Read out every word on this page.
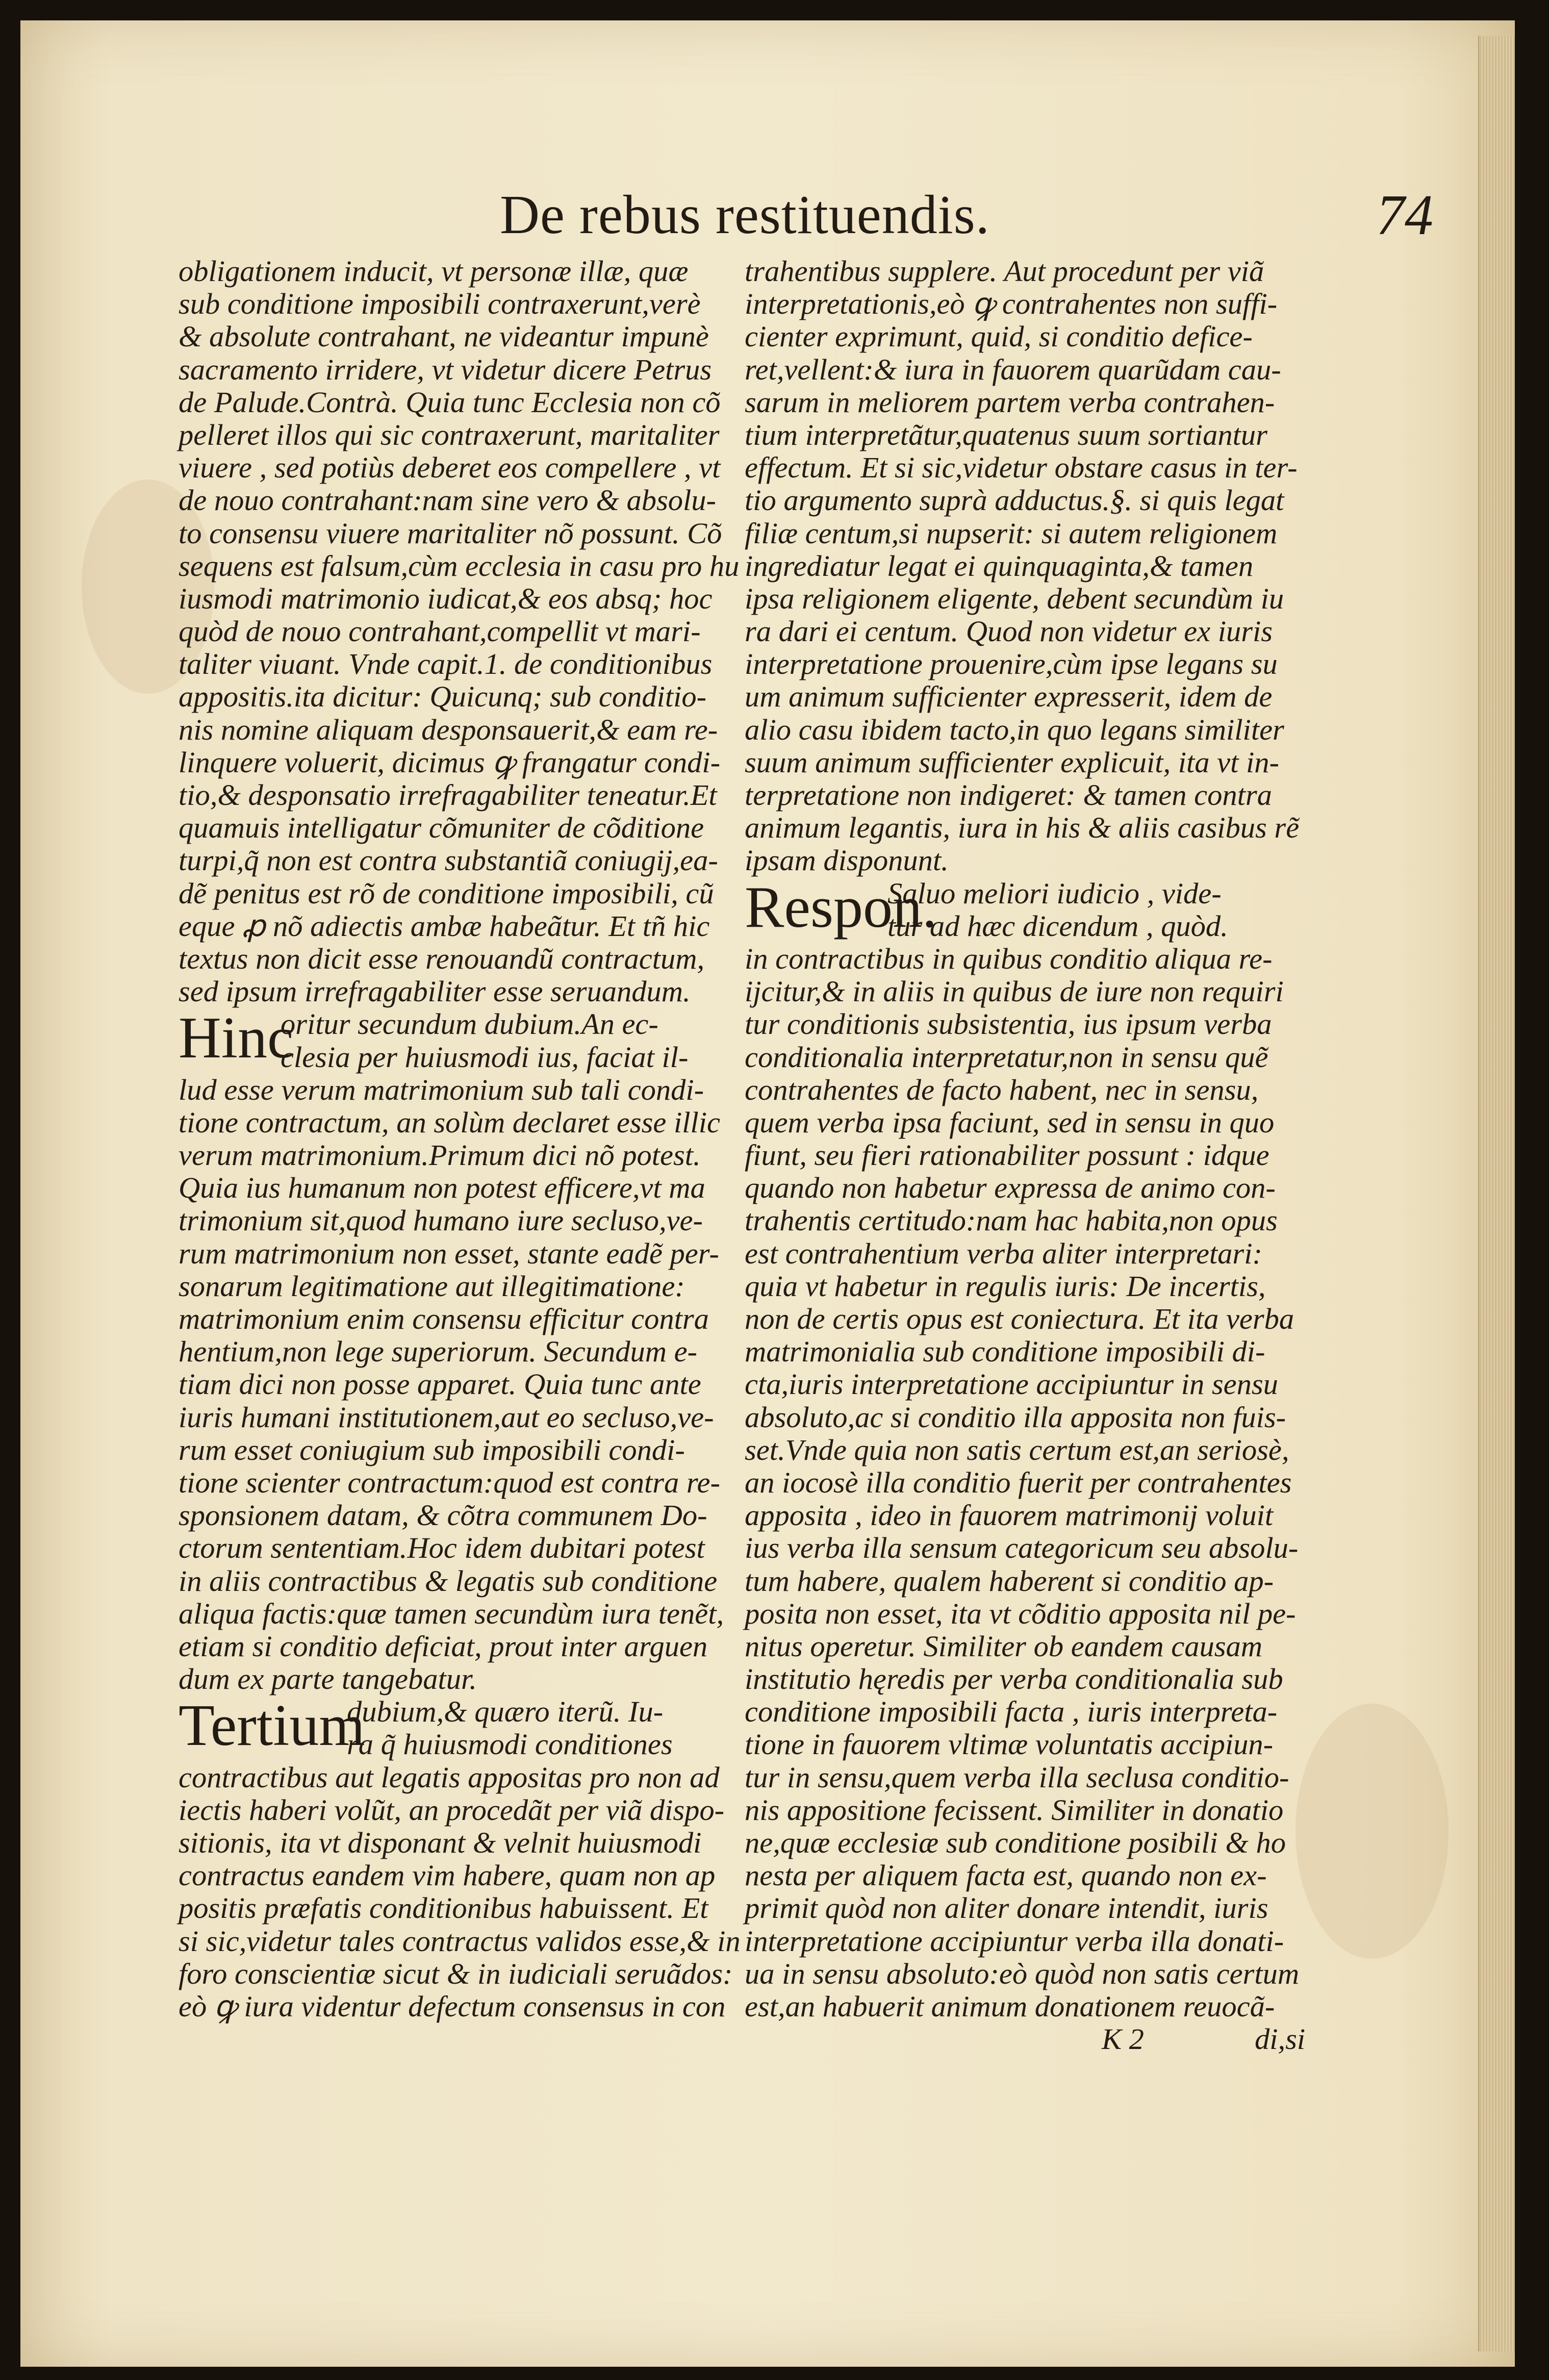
De rebus restituendis.	74
obligationem inducit, vt personæ illæ, quæ
sub conditione imposibili contraxerunt,verè
& absolute contrahant, ne videantur impunè
sacramento irridere, vt videtur dicere Petrus
de Palude.Contrà. Quia tunc Ecclesia non cõ
pelleret illos qui sic contraxerunt, maritaliter
viuere , sed potiùs deberet eos compellere , vt
de nouo contrahant:nam sine vero & absolu-
to consensu viuere maritaliter nõ possunt. Cõ
sequens est falsum,cùm ecclesia in casu pro hu
iusmodi matrimonio iudicat,& eos absq; hoc
quòd de nouo contrahant,compellit vt mari-
taliter viuant. Vnde capit.1. de conditionibus
appositis.ita dicitur: Quicunq; sub conditio-
nis nomine aliquam desponsauerit,& eam re-
linquere voluerit, dicimus ꝙ frangatur condi-
tio,& desponsatio irrefragabiliter teneatur.Et
quamuis intelligatur cõmuniter de cõditione
turpi,q̃ non est contra substantiã coniugij,ea-
dẽ penitus est rõ de conditione imposibili, cũ
eque ꝓ nõ adiectis ambæ habeãtur. Et tñ hic
textus non dicit esse renouandũ contractum,
sed ipsum irrefragabiliter esse seruandum.
Hinc
oritur secundum dubium.An ec-
clesia per huiusmodi ius, faciat il-
lud esse verum matrimonium sub tali condi-
tione contractum, an solùm declaret esse illic
verum matrimonium.Primum dici nõ potest.
Quia ius humanum non potest efficere,vt ma
trimonium sit,quod humano iure secluso,ve-
rum matrimonium non esset, stante eadẽ per-
sonarum legitimatione aut illegitimatione:
matrimonium enim consensu efficitur contra
hentium,non lege superiorum. Secundum e-
tiam dici non posse apparet. Quia tunc ante
iuris humani institutionem,aut eo secluso,ve-
rum esset coniugium sub imposibili condi-
tione scienter contractum:quod est contra re-
sponsionem datam, & cõtra communem Do-
ctorum sententiam.Hoc idem dubitari potest
in aliis contractibus & legatis sub conditione
aliqua factis:quæ tamen secundùm iura tenẽt,
etiam si conditio deficiat, prout inter arguen
dum ex parte tangebatur.
Tertium
dubium,& quæro iterũ. Iu-
ra q̃ huiusmodi conditiones
contractibus aut legatis appositas pro non ad
iectis haberi volũt, an procedãt per viã dispo-
sitionis, ita vt disponant & velnit huiusmodi
contractus eandem vim habere, quam non ap
positis præfatis conditionibus habuissent. Et
si sic,videtur tales contractus validos esse,& in
foro conscientiæ sicut & in iudiciali seruãdos:
eò ꝙ iura videntur defectum consensus in con
trahentibus supplere. Aut procedunt per viã
interpretationis,eò ꝙ contrahentes non suffi-
cienter exprimunt, quid, si conditio defice-
ret,vellent:& iura in fauorem quarũdam cau-
sarum in meliorem partem verba contrahen-
tium interpretãtur,quatenus suum sortiantur
effectum. Et si sic,videtur obstare casus in ter-
tio argumento suprà adductus.§. si quis legat
filiæ centum,si nupserit: si autem religionem
ingrediatur legat ei quinquaginta,& tamen
ipsa religionem eligente, debent secundùm iu
ra dari ei centum. Quod non videtur ex iuris
interpretatione prouenire,cùm ipse legans su
um animum sufficienter expresserit, idem de
alio casu ibidem tacto,in quo legans similiter
suum animum sufficienter explicuit, ita vt in-
terpretatione non indigeret: & tamen contra
animum legantis, iura in his & aliis casibus rẽ
ipsam disponunt.
Respon.
Saluo meliori iudicio , vide-
tur ad hæc dicendum , quòd.
in contractibus in quibus conditio aliqua re-
ijcitur,& in aliis in quibus de iure non requiri
tur conditionis subsistentia, ius ipsum verba
conditionalia interpretatur,non in sensu quẽ
contrahentes de facto habent, nec in sensu,
quem verba ipsa faciunt, sed in sensu in quo
fiunt, seu fieri rationabiliter possunt : idque
quando non habetur expressa de animo con-
trahentis certitudo:nam hac habita,non opus
est contrahentium verba aliter interpretari:
quia vt habetur in regulis iuris: De incertis,
non de certis opus est coniectura. Et ita verba
matrimonialia sub conditione imposibili di-
cta,iuris interpretatione accipiuntur in sensu
absoluto,ac si conditio illa apposita non fuis-
set.Vnde quia non satis certum est,an seriosè,
an iocosè illa conditio fuerit per contrahentes
apposita , ideo in fauorem matrimonij voluit
ius verba illa sensum categoricum seu absolu-
tum habere, qualem haberent si conditio ap-
posita non esset, ita vt cõditio apposita nil pe-
nitus operetur. Similiter ob eandem causam
institutio hęredis per verba conditionalia sub
conditione imposibili facta , iuris interpreta-
tione in fauorem vltimæ voluntatis accipiun-
tur in sensu,quem verba illa seclusa conditio-
nis appositione fecissent. Similiter in donatio
ne,quæ ecclesiæ sub conditione posibili & ho
nesta per aliquem facta est, quando non ex-
primit quòd non aliter donare intendit, iuris
interpretatione accipiuntur verba illa donati-
ua in sensu absoluto:eò quòd non satis certum
est,an habuerit animum donationem reuocã-
K 2	di,si
